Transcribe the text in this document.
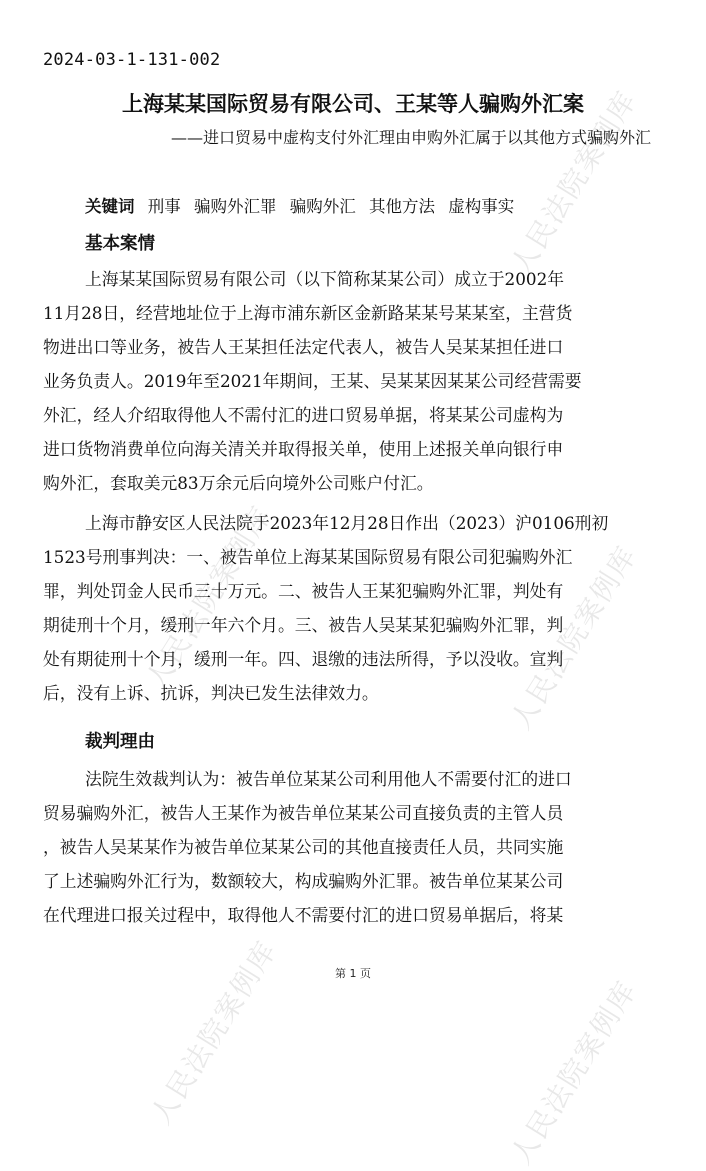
人民法院案例库
人民法院案例库	人民法院案例库
人民法院案例库	人民法院案例库
2024-03-1-131-002
上海某某国际贸易有限公司、王某等人骗购外汇案
——进口贸易中虚构支付外汇理由申购外汇属于以其他方式骗购外汇
关键词 刑事 骗购外汇罪 骗购外汇 其他方法 虚构事实
基本案情
上海某某国际贸易有限公司（以下简称某某公司）成立于2002年
11月28日，经营地址位于上海市浦东新区金新路某某号某某室，主营货
物进出口等业务，被告人王某担任法定代表人，被告人吴某某担任进口
业务负责人。2019年至2021年期间，王某、吴某某因某某公司经营需要
外汇，经人介绍取得他人不需付汇的进口贸易单据，将某某公司虚构为
进口货物消费单位向海关清关并取得报关单，使用上述报关单向银行申
购外汇，套取美元83万余元后向境外公司账户付汇。
上海市静安区人民法院于2023年12月28日作出（2023）沪0106刑初
1523号刑事判决：一、被告单位上海某某国际贸易有限公司犯骗购外汇
罪，判处罚金人民币三十万元。二、被告人王某犯骗购外汇罪，判处有
期徒刑十个月，缓刑一年六个月。三、被告人吴某某犯骗购外汇罪，判
处有期徒刑十个月，缓刑一年。四、退缴的违法所得，予以没收。宣判
后，没有上诉、抗诉，判决已发生法律效力。
裁判理由
法院生效裁判认为：被告单位某某公司利用他人不需要付汇的进口
贸易骗购外汇，被告人王某作为被告单位某某公司直接负责的主管人员
，被告人吴某某作为被告单位某某公司的其他直接责任人员，共同实施
了上述骗购外汇行为，数额较大，构成骗购外汇罪。被告单位某某公司
在代理进口报关过程中，取得他人不需要付汇的进口贸易单据后，将某
第 1 页
